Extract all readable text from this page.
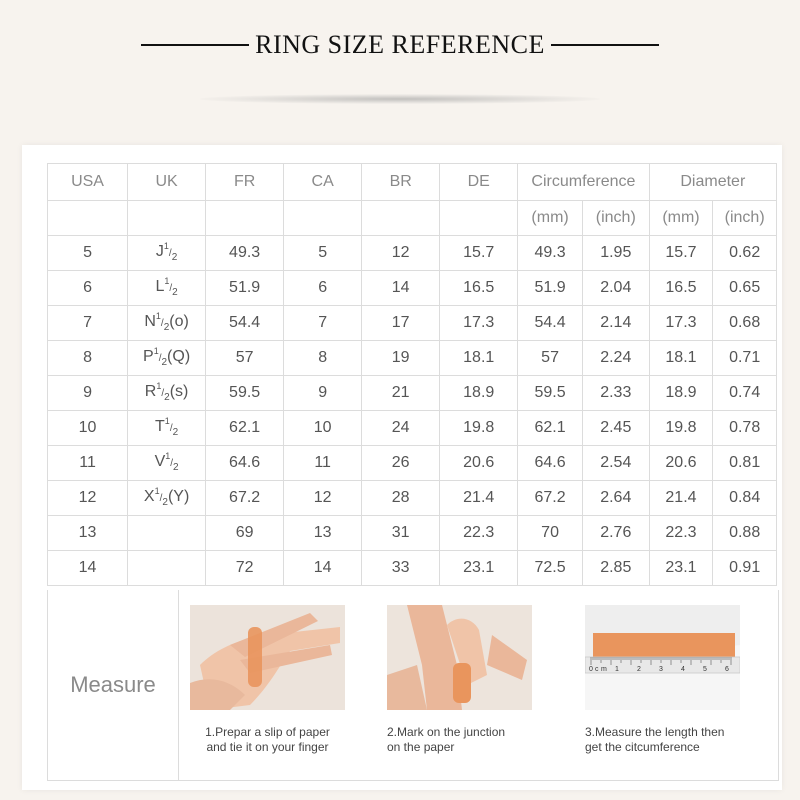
RING SIZE REFERENCE
USA	UK	FR	CA	BR	DE	Circumference		Diameter	
						(mm)	(inch)	(mm)	(inch)
5	$J^1/_2$	49.3	5	12	15.7	49.3	1.95	15.7	0.62
6	$L^1/_2$	51.9	6	14	16.5	51.9	2.04	16.5	0.65
7	$N^1/_2(o)$	54.4	7	17	17.3	54.4	2.14	17.3	0.68
8	$P^1/_2(Q)$	57	8	19	18.1	57	2.24	18.1	0.71
9	$R^1/_2(s)$	59.5	9	21	18.9	59.5	2.33	18.9	0.74
10	$T^1/_2$	62.1	10	24	19.8	62.1	2.45	19.8	0.78
11	$V^1/_2$	64.6	11	26	20.6	64.6	2.54	20.6	0.81
12	$X^1/_2(Y)$	67.2	12	28	21.4	67.2	2.64	21.4	0.84
13		69	13	31	22.3	70	2.76	22.3	0.88
14		72	14	33	23.1	72.5	2.85	23.1	0.91
Measure
1.Prepar a slip of paper
and tie it on your finger
2.Mark on the junction
on the paper
0 c m 1	2	3	4	5	6
3.Measure the length then
get the citcumference
